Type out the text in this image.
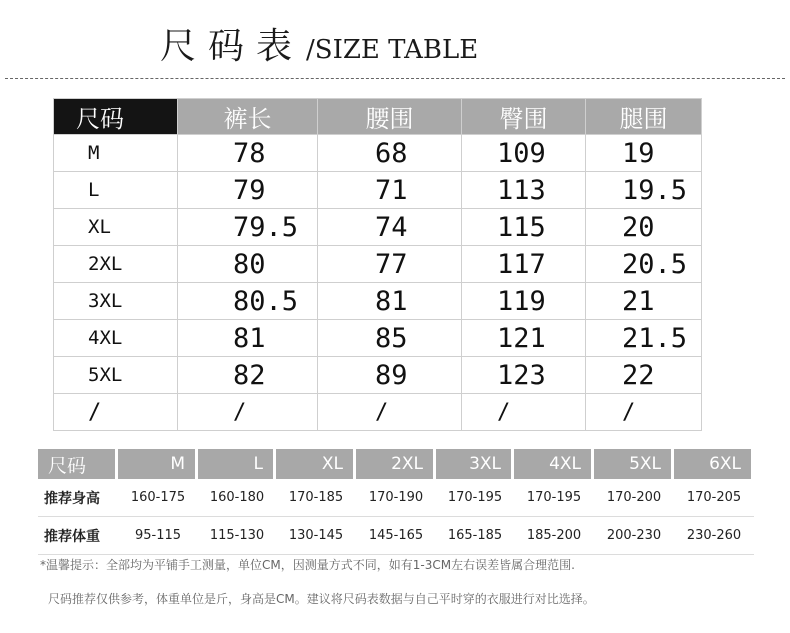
尺码表 /SIZE TABLE
尺码	裤长	腰围	臀围	腿围
M	78	68	109	19
L	79	71	113	19.5
XL	79.5	74	115	20
2XL	80	77	117	20.5
3XL	80.5	81	119	21
4XL	81	85	121	21.5
5XL	82	89	123	22
/	/	/	/	/
尺码	M	L	XL	2XL	3XL	4XL	5XL	6XL
推荐身高	160-175	160-180	170-185	170-190	170-195	170-195	170-200	170-205
推荐体重	95-115	115-130	130-145	145-165	165-185	185-200	200-230	230-260
*温馨提示：全部均为平铺手工测量，单位CM，因测量方式不同，如有1-3CM左右误差皆属合理范围.
尺码推荐仅供参考，体重单位是斤，身高是CM。建议将尺码表数据与自己平时穿的衣服进行对比选择。
